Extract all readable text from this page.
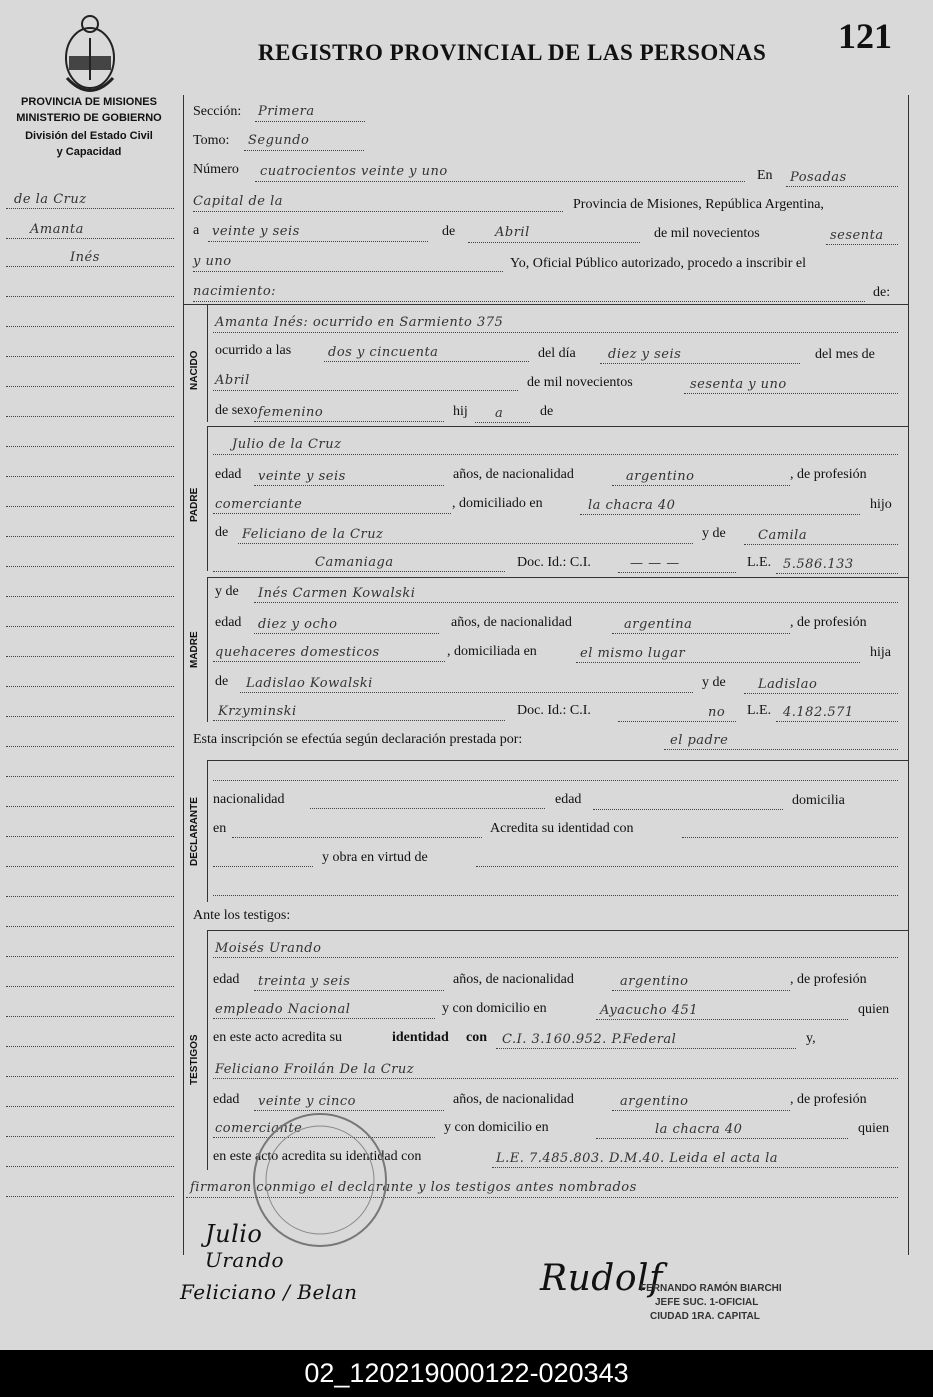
REGISTRO PROVINCIAL DE LAS PERSONAS 121
PROVINCIA DE MISIONES
MINISTERIO DE GOBIERNO
División del Estado Civil
y Capacidad
de la Cruz
Amanta
Inés
Sección: Primera
Tomo: Segundo
Número cuatrocientos veinte y uno	En Posadas
Capital de la	Provincia de Misiones, República Argentina,
a veinte y seis	de	Abril	de mil novecientos	sesenta
y uno	Yo, Oficial Público autorizado, procedo a inscribir el
nacimiento:	de:
NACIDO
Amanta Inés: ocurrido en Sarmiento 375
ocurrido a las	dos y cincuenta	del día diez y seis	del mes de
Abril	de mil novecientos	sesenta y uno
de sexo femenino	hij a	de
PADRE
Julio de la Cruz
edad veinte y seis	años, de nacionalidad	argentino	, de profesión
comerciante	, domiciliado en	la chacra 40	hijo
de Feliciano de la Cruz	y de Camila
Camaniaga	Doc. Id.: C.I.	— — —	L.E. 5.586.133
MADRE
y de Inés Carmen Kowalski
edad diez y ocho	años, de nacionalidad	argentina	, de profesión
quehaceres domesticos	, domiciliada en	el mismo lugar	hija
de Ladislao Kowalski	y de Ladislao
Krzyminski	Doc. Id.: C.I.	no L.E. 4.182.571
Esta inscripción se efectúa según declaración prestada por:	el padre
DECLARANTE nacionalidad	edad	domicilia
en	Acredita su identidad con
y obra en virtud de
Ante los testigos:
TESTIGOS
Moisés Urando
edad treinta y seis	años, de nacionalidad	argentino	, de profesión
empleado Nacional	y con domicilio en	Ayacucho 451	quien
en este acto acredita su	identidad con C.I. 3.160.952. P.Federal	y,
Feliciano Froilán De la Cruz
edad veinte y cinco	años, de nacionalidad	argentino	, de profesión
comerciante	y con domicilio en	la chacra 40	quien
en este acto acredita su identidad con	L.E. 7.485.803. D.M.40. Leida el acta la
firmaron conmigo el declarante y los testigos antes nombrados
Julio
Urando
Feliciano / Belan	Rudolf
FERNANDO RAMÓN BIARCHI
JEFE SUC. 1-OFICIAL
CIUDAD 1RA. CAPITAL
02_120219000122-020343
